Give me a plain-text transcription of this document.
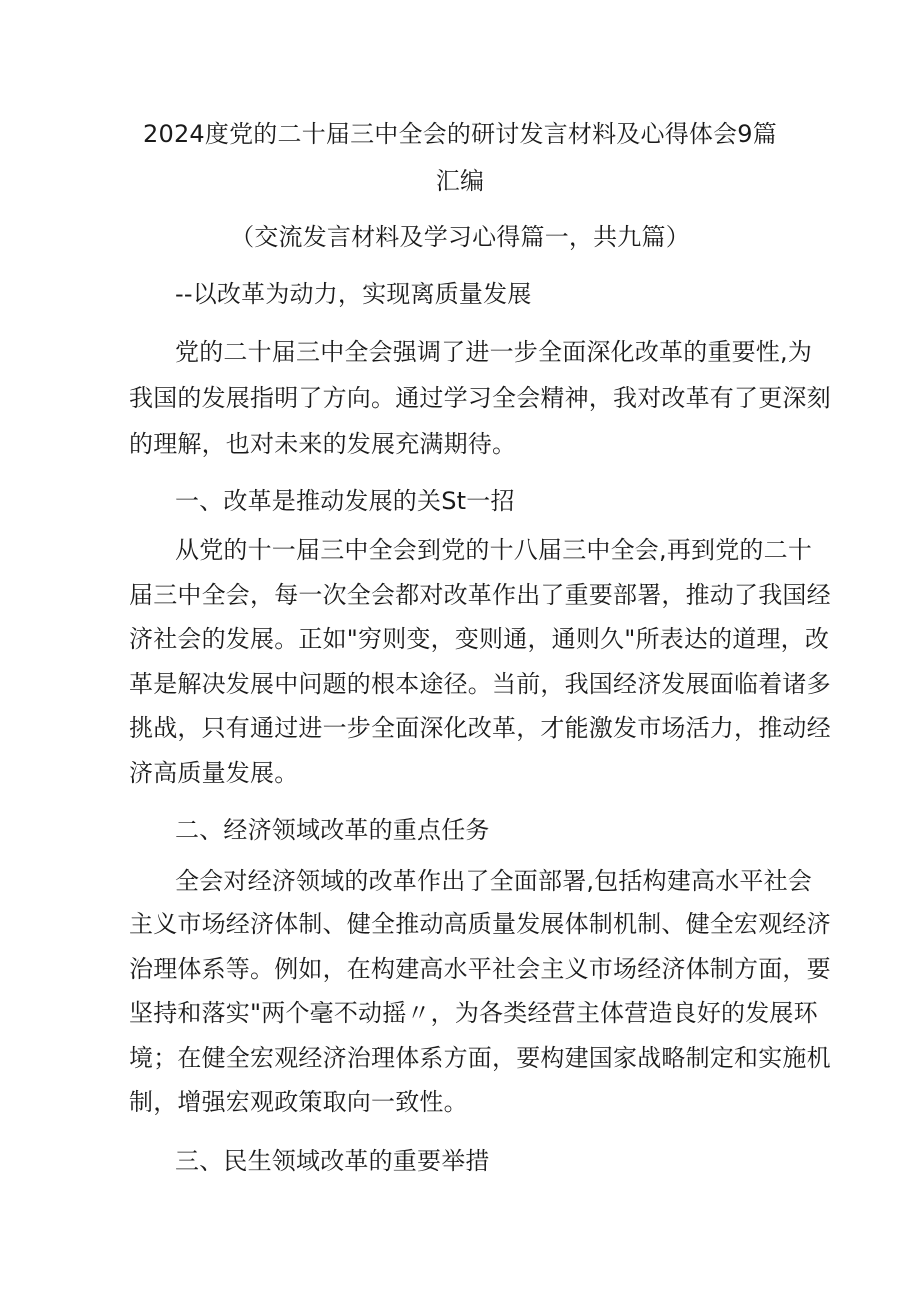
2024度党的二十届三中全会的研讨发言材料及心得体会9篇
汇编
（交流发言材料及学习心得篇一，共九篇）
--以改革为动力，实现离质量发展
党的二十届三中全会强调了进一步全面深化改革的重要性,为
我国的发展指明了方向。通过学习全会精神，我对改革有了更深刻
的理解，也对未来的发展充满期待。
一、改革是推动发展的关St一招
从党的十一届三中全会到党的十八届三中全会,再到党的二十
届三中全会，每一次全会都对改革作出了重要部署，推动了我国经
济社会的发展。正如"穷则变，变则通，通则久"所表达的道理，改
革是解决发展中问题的根本途径。当前，我国经济发展面临着诸多
挑战，只有通过进一步全面深化改革，才能激发市场活力，推动经
济高质量发展。
二、经济领域改革的重点任务
全会对经济领域的改革作出了全面部署,包括构建高水平社会
主义市场经济体制、健全推动高质量发展体制机制、健全宏观经济
治理体系等。例如，在构建高水平社会主义市场经济体制方面，要
坚持和落实"两个毫不动摇〃，为各类经营主体营造良好的发展环
境；在健全宏观经济治理体系方面，要构建国家战略制定和实施机
制，增强宏观政策取向一致性。
三、民生领域改革的重要举措
